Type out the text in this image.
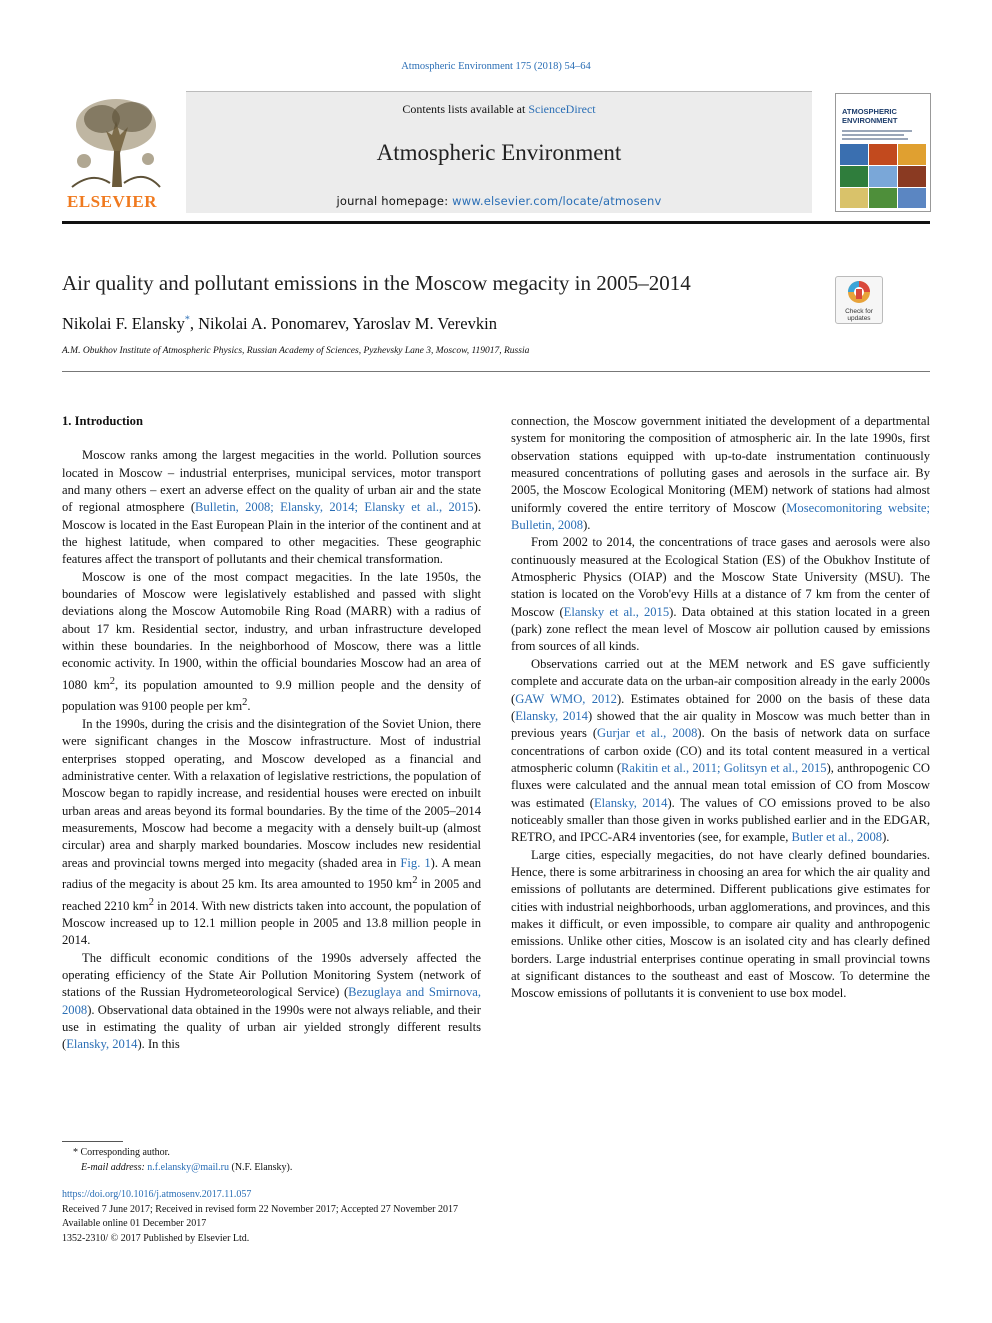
Atmospheric Environment 175 (2018) 54–64
ELSEVIER
Contents lists available at ScienceDirect
Atmospheric Environment
journal homepage: www.elsevier.com/locate/atmosenv
ATMOSPHERIC
ENVIRONMENT
Air quality and pollutant emissions in the Moscow megacity in 2005–2014
Check for updates
Nikolai F. Elansky*, Nikolai A. Ponomarev, Yaroslav M. Verevkin
A.M. Obukhov Institute of Atmospheric Physics, Russian Academy of Sciences, Pyzhevsky Lane 3, Moscow, 119017, Russia
1. Introduction

Moscow ranks among the largest megacities in the world. Pollution sources located in Moscow – industrial enterprises, municipal services, motor transport and many others – exert an adverse effect on the quality of urban air and the state of regional atmosphere (Bulletin, 2008; Elansky, 2014; Elansky et al., 2015). Moscow is located in the East European Plain in the interior of the continent and at the highest latitude, when compared to other megacities. These geographic features affect the transport of pollutants and their chemical transformation.

Moscow is one of the most compact megacities. In the late 1950s, the boundaries of Moscow were legislatively established and passed with slight deviations along the Moscow Automobile Ring Road (MARR) with a radius of about 17 km. Residential sector, industry, and urban infrastructure developed within these boundaries. In the neighborhood of Moscow, there was a little economic activity. In 1900, within the official boundaries Moscow had an area of 1080 $km^2$, its population amounted to 9.9 million people and the density of population was 9100 people per $km^2$.

In the 1990s, during the crisis and the disintegration of the Soviet Union, there were significant changes in the Moscow infrastructure. Most of industrial enterprises stopped operating, and Moscow developed as a financial and administrative center. With a relaxation of legislative restrictions, the population of Moscow began to rapidly increase, and residential houses were erected on inbuilt urban areas and areas beyond its formal boundaries. By the time of the 2005–2014 measurements, Moscow had become a megacity with a densely built-up (almost circular) area and sharply marked boundaries. Moscow includes new residential areas and provincial towns merged into megacity (shaded area in Fig. 1). A mean radius of the megacity is about 25 km. Its area amounted to 1950 $km^2$ in 2005 and reached 2210 $km^2$ in 2014. With new districts taken into account, the population of Moscow increased up to 12.1 million people in 2005 and 13.8 million people in 2014.

The difficult economic conditions of the 1990s adversely affected the operating efficiency of the State Air Pollution Monitoring System (network of stations of the Russian Hydrometeorological Service) (Bezuglaya and Smirnova, 2008). Observational data obtained in the 1990s were not always reliable, and their use in estimating the quality of urban air yielded strongly different results (Elansky, 2014). In this

connection, the Moscow government initiated the development of a departmental system for monitoring the composition of atmospheric air. In the late 1990s, first observation stations equipped with up-to-date instrumentation continuously measured concentrations of polluting gases and aerosols in the surface air. By 2005, the Moscow Ecological Monitoring (MEM) network of stations had almost uniformly covered the entire territory of Moscow (Mosecomonitoring website; Bulletin, 2008).

From 2002 to 2014, the concentrations of trace gases and aerosols were also continuously measured at the Ecological Station (ES) of the Obukhov Institute of Atmospheric Physics (OIAP) and the Moscow State University (MSU). The station is located on the Vorob'evy Hills at a distance of 7 km from the center of Moscow (Elansky et al., 2015). Data obtained at this station located in a green (park) zone reflect the mean level of Moscow air pollution caused by emissions from sources of all kinds.

Observations carried out at the MEM network and ES gave sufficiently complete and accurate data on the urban-air composition already in the early 2000s (GAW WMO, 2012). Estimates obtained for 2000 on the basis of these data (Elansky, 2014) showed that the air quality in Moscow was much better than in previous years (Gurjar et al., 2008). On the basis of network data on surface concentrations of carbon oxide (CO) and its total content measured in a vertical atmospheric column (Rakitin et al., 2011; Golitsyn et al., 2015), anthropogenic CO fluxes were calculated and the annual mean total emission of CO from Moscow was estimated (Elansky, 2014). The values of CO emissions proved to be also noticeably smaller than those given in works published earlier and in the EDGAR, RETRO, and IPCC-AR4 inventories (see, for example, Butler et al., 2008).

Large cities, especially megacities, do not have clearly defined boundaries. Hence, there is some arbitrariness in choosing an area for which the air quality and emissions of pollutants are determined. Different publications give estimates for cities with industrial neighborhoods, urban agglomerations, and provinces, and this makes it difficult, or even impossible, to compare air quality and anthropogenic emissions. Unlike other cities, Moscow is an isolated city and has clearly defined borders. Large industrial enterprises continue operating in small provincial towns at significant distances to the southeast and east of Moscow. To determine the Moscow emissions of pollutants it is convenient to use box model.

* Corresponding author.
E-mail address: n.f.elansky@mail.ru (N.F. Elansky).
https://doi.org/10.1016/j.atmosenv.2017.11.057
Received 7 June 2017; Received in revised form 22 November 2017; Accepted 27 November 2017
Available online 01 December 2017
1352-2310/ © 2017 Published by Elsevier Ltd.
